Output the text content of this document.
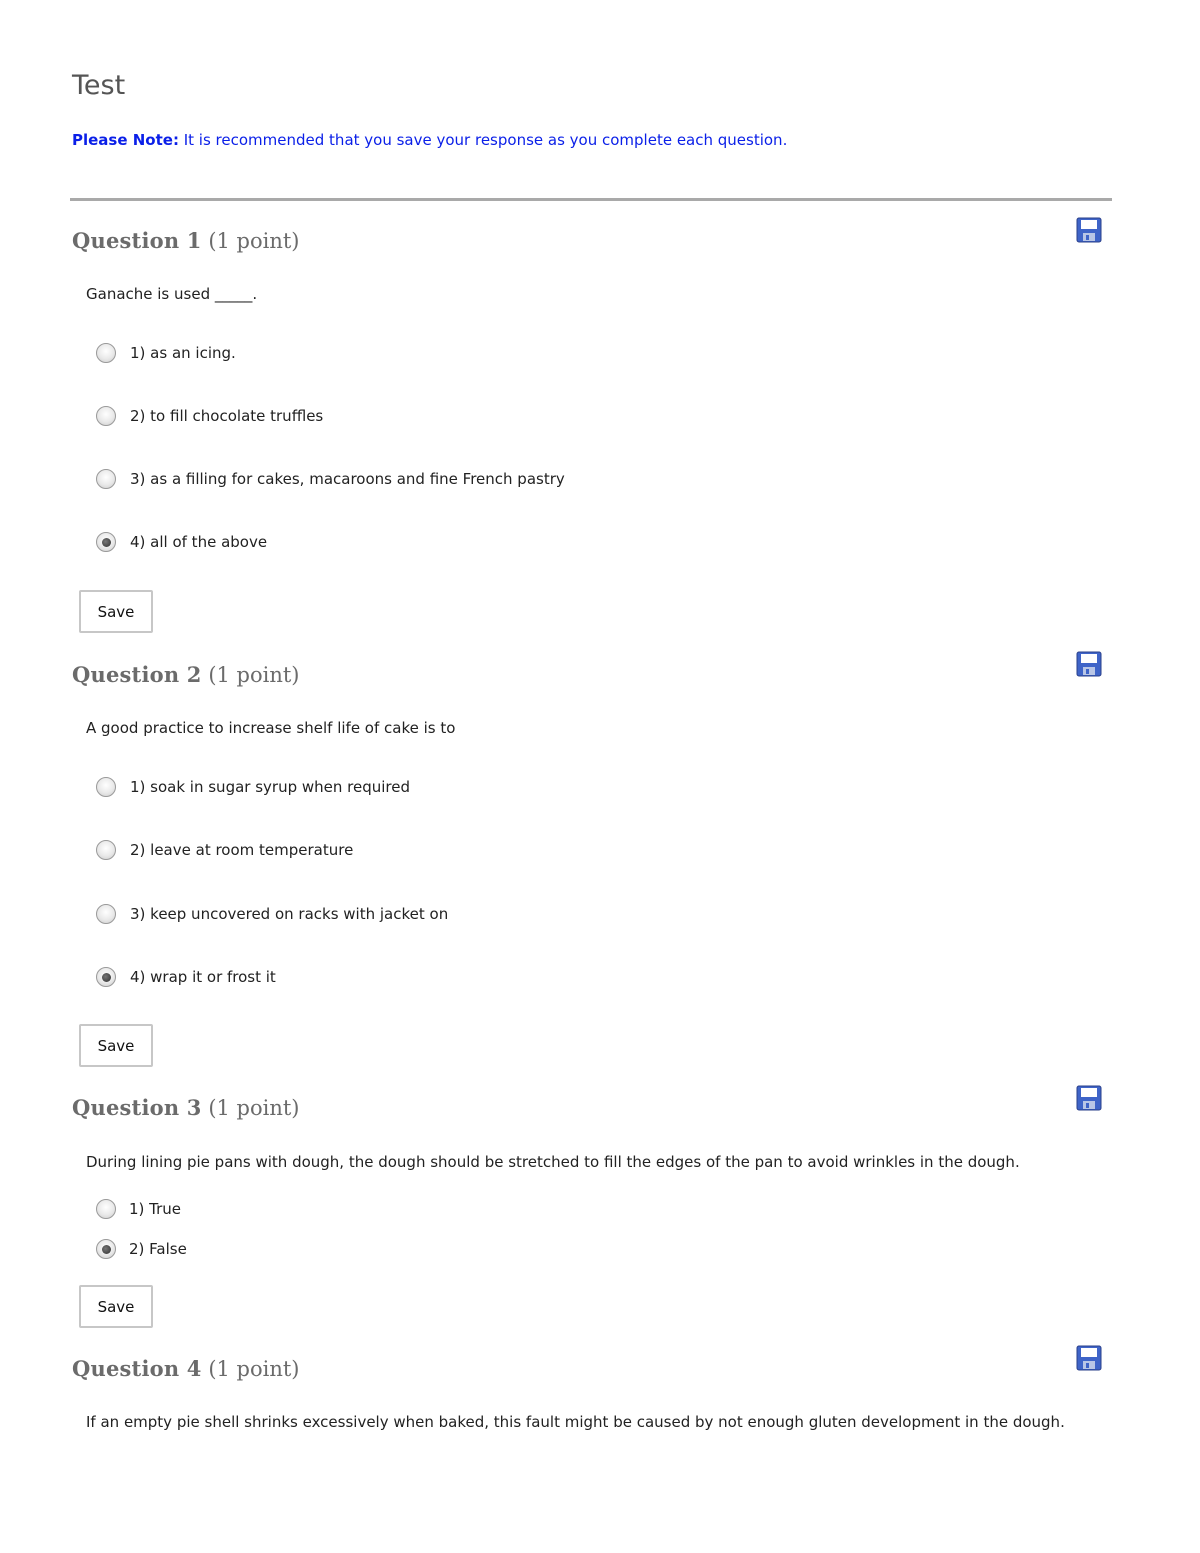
Test
Please Note: It is recommended that you save your response as you complete each question.
Question 1 (1 point)
Ganache is used _____.
1) as an icing.
2) to fill chocolate truffles
3) as a filling for cakes, macaroons and fine French pastry
4) all of the above
Save
Question 2 (1 point)
A good practice to increase shelf life of cake is to
1) soak in sugar syrup when required
2) leave at room temperature
3) keep uncovered on racks with jacket on
4) wrap it or frost it
Save
Question 3 (1 point)
During lining pie pans with dough, the dough should be stretched to fill the edges of the pan to avoid wrinkles in the dough.
1) True
2) False
Save
Question 4 (1 point)
If an empty pie shell shrinks excessively when baked, this fault might be caused by not enough gluten development in the dough.
